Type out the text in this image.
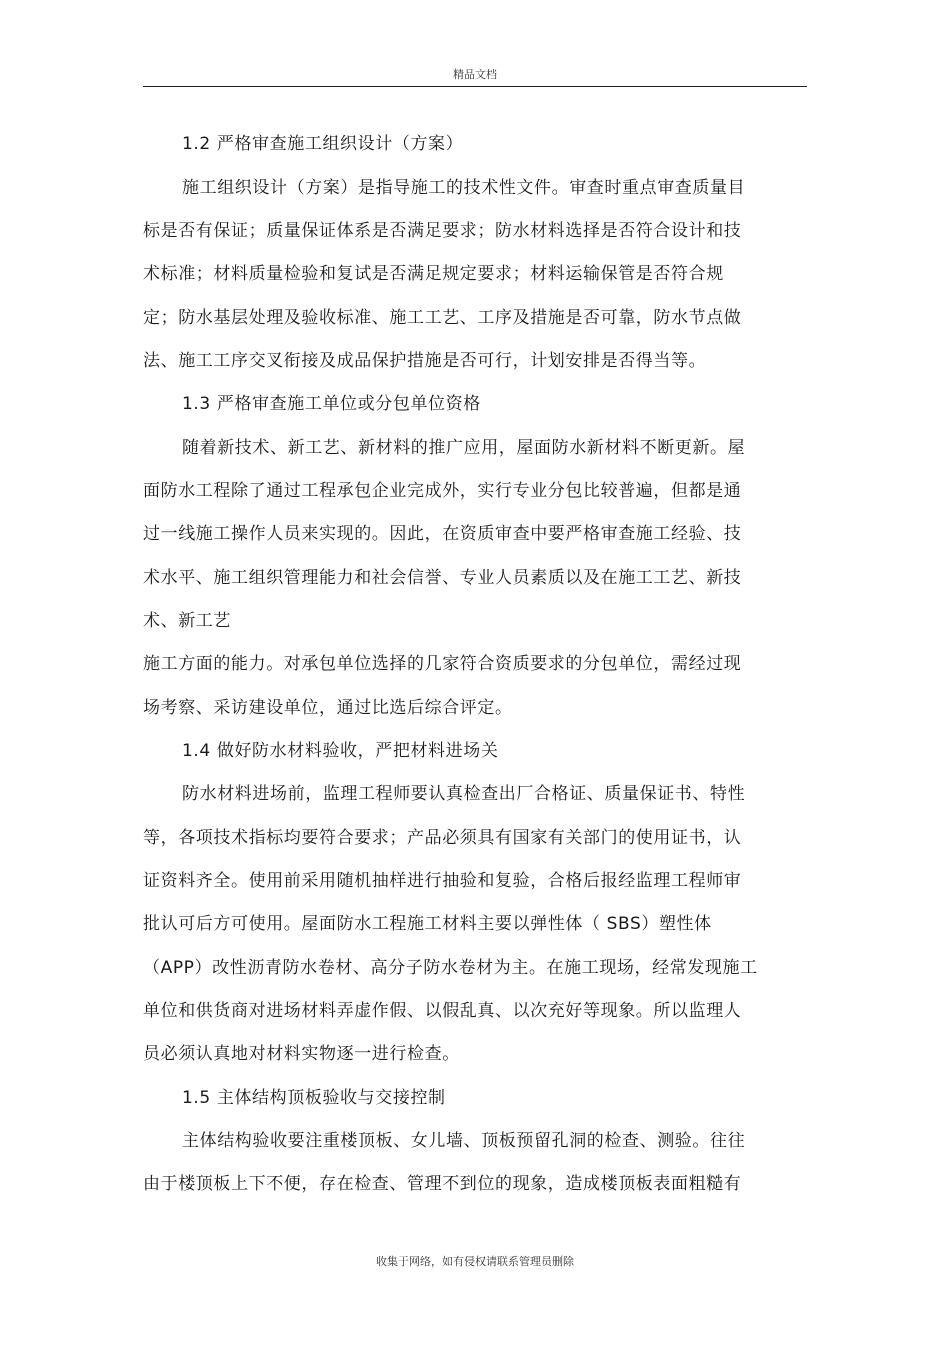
精品文档
1.2 严格审查施工组织设计（方案）
施工组织设计（方案）是指导施工的技术性文件。审查时重点审查质量目
标是否有保证；质量保证体系是否满足要求；防水材料选择是否符合设计和技
术标准；材料质量检验和复试是否满足规定要求；材料运输保管是否符合规
定；防水基层处理及验收标准、施工工艺、工序及措施是否可靠，防水节点做
法、施工工序交叉衔接及成品保护措施是否可行，计划安排是否得当等。
1.3 严格审查施工单位或分包单位资格
随着新技术、新工艺、新材料的推广应用，屋面防水新材料不断更新。屋
面防水工程除了通过工程承包企业完成外，实行专业分包比较普遍，但都是通
过一线施工操作人员来实现的。因此，在资质审查中要严格审查施工经验、技
术水平、施工组织管理能力和社会信誉、专业人员素质以及在施工工艺、新技
术、新工艺
施工方面的能力。对承包单位选择的几家符合资质要求的分包单位，需经过现
场考察、采访建设单位，通过比选后综合评定。
1.4 做好防水材料验收，严把材料进场关
防水材料进场前，监理工程师要认真检查出厂合格证、质量保证书、特性
等，各项技术指标均要符合要求；产品必须具有国家有关部门的使用证书，认
证资料齐全。使用前采用随机抽样进行抽验和复验，合格后报经监理工程师审
批认可后方可使用。屋面防水工程施工材料主要以弹性体（ SBS）塑性体
（APP）改性沥青防水卷材、高分子防水卷材为主。在施工现场，经常发现施工
单位和供货商对进场材料弄虚作假、以假乱真、以次充好等现象。所以监理人
员必须认真地对材料实物逐一进行检查。
1.5 主体结构顶板验收与交接控制
主体结构验收要注重楼顶板、女儿墙、顶板预留孔洞的检查、测验。往往
由于楼顶板上下不便，存在检查、管理不到位的现象，造成楼顶板表面粗糙有
收集于网络，如有侵权请联系管理员删除
